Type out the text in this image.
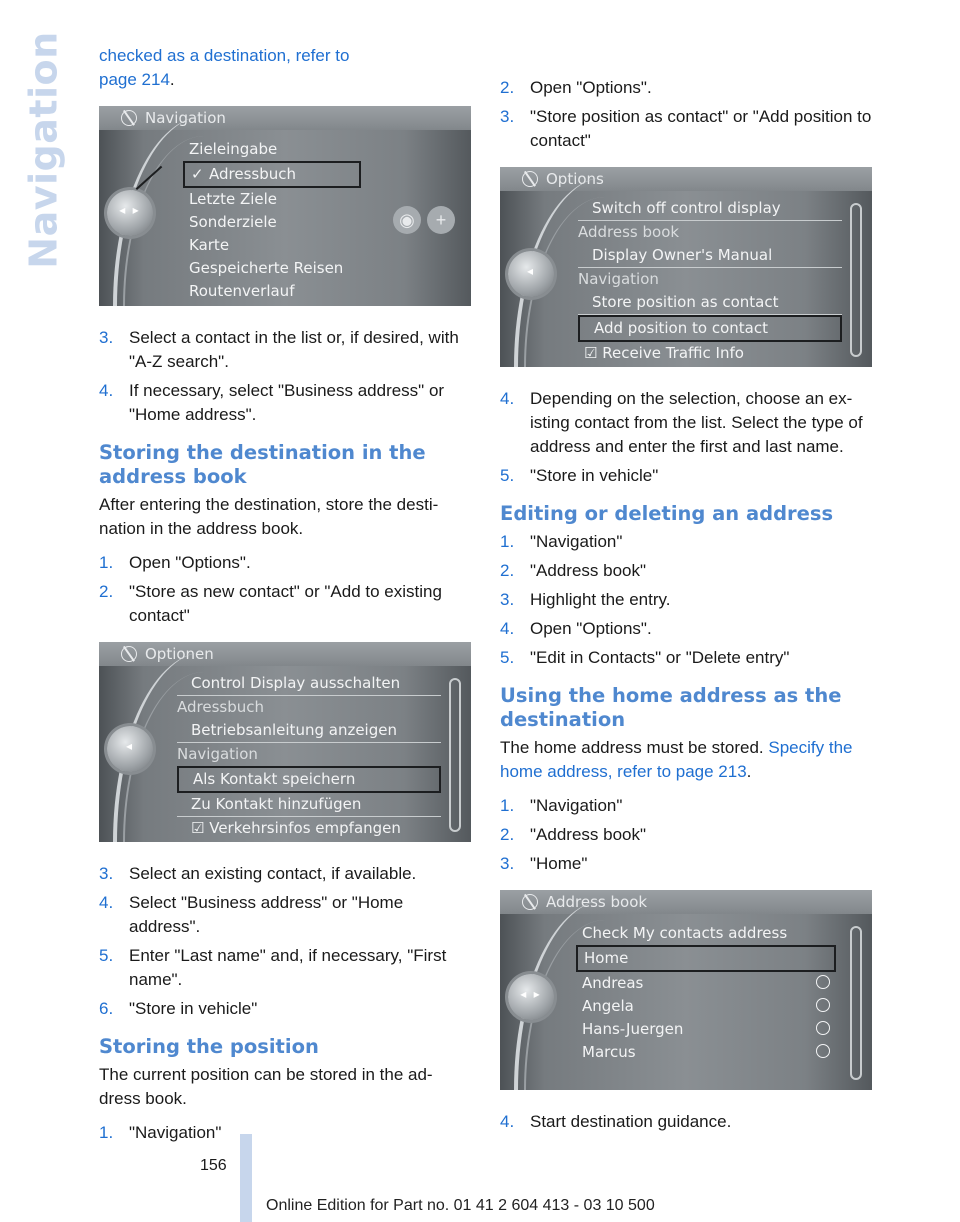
Navigation checked as a destination, refer to
page 214.

Navigation
◂ ▸
Zieleingabe
✓ Adressbuch
Letzte Ziele
Sonderziele
Karte
Gespeicherte Reisen
Routenverlauf
◉	+
3. Select a contact in the list or, if desired, with "A-Z search".
4. If necessary, select "Business address" or "Home address".
Storing the destination in the address book

After entering the destination, store the desti-nation in the address book.

1. Open "Options".
2. "Store as new contact" or "Add to existing contact"
Optionen
◂
Control Display ausschalten
Adressbuch
Betriebsanleitung anzeigen
Navigation
Als Kontakt speichern
Zu Kontakt hinzufügen
☑ Verkehrsinfos empfangen
3. Select an existing contact, if available.
4. Select "Business address" or "Home address".
5. Enter "Last name" and, if necessary, "First name".
6. "Store in vehicle"
Storing the position

The current position can be stored in the ad-dress book.

1. "Navigation"
2. Open "Options".
3. "Store position as contact" or "Add position to contact"
Options
◂
Switch off control display
Address book
Display Owner's Manual
Navigation
Store position as contact
Add position to contact
☑ Receive Traffic Info
4. Depending on the selection, choose an ex-isting contact from the list. Select the type of address and enter the first and last name.
5. "Store in vehicle"
Editing or deleting an address
1. "Navigation"
2. "Address book"
3. Highlight the entry.
4. Open "Options".
5. "Edit in Contacts" or "Delete entry"
Using the home address as the destination

The home address must be stored. Specify the home address, refer to page 213.

1. "Navigation"
2. "Address book"
3. "Home"
Address book
◂ ▸
Check My contacts address
Home
Andreas
Angela
Hans-Juergen
Marcus
4. Start destination guidance.
156
Online Edition for Part no. 01 41 2 604 413 - 03 10 500
